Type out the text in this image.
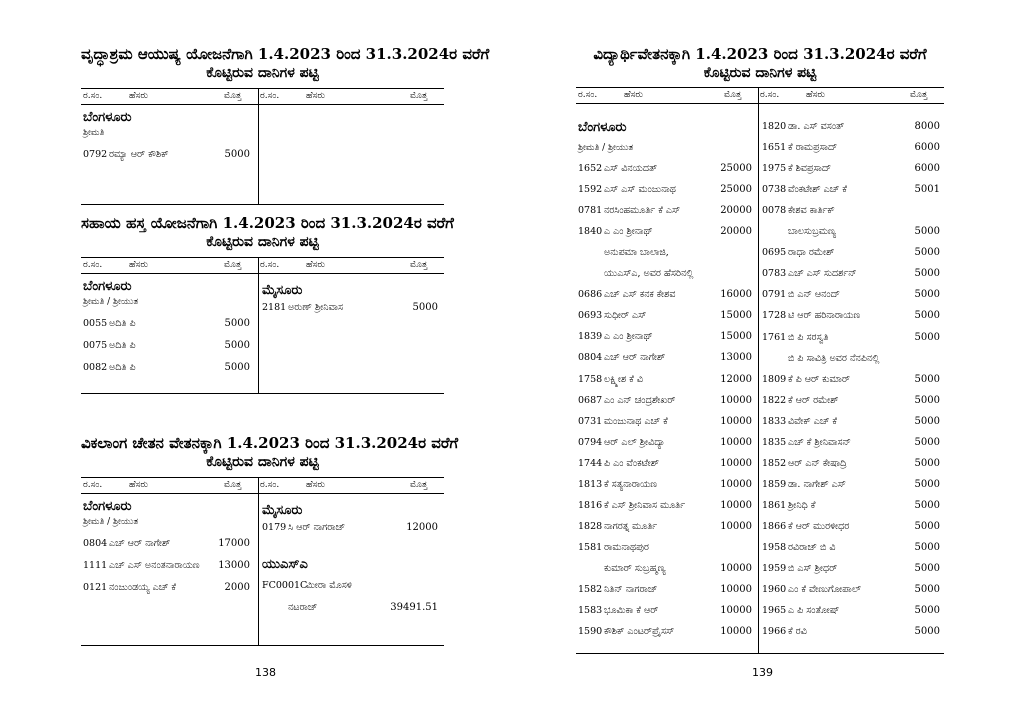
ವೃದ್ಧಾಶ್ರಮ ಆಯುಷ್ಯ ಯೋಜನೆಗಾಗಿ 1.4.2023 ರಿಂದ 31.3.2024ರ ವರೆಗೆ
ಕೊಟ್ಟಿರುವ ದಾನಿಗಳ ಪಟ್ಟಿ
ರ.ಸಂ.	ಹೆಸರು	ಮೊತ್ತ ರ.ಸಂ.	ಹೆಸರು	ಮೊತ್ತ
ಬೆಂಗಳೂರು
ಶ್ರೀಮತಿ
0792 ರಮ್ಯಾ ಆರ್ ಕೌಶಿಕ್	5000
ಸಹಾಯ ಹಸ್ತ ಯೋಜನೆಗಾಗಿ 1.4.2023 ರಿಂದ 31.3.2024ರ ವರೆಗೆ
ಕೊಟ್ಟಿರುವ ದಾನಿಗಳ ಪಟ್ಟಿ
ರ.ಸಂ.	ಹೆಸರು	ಮೊತ್ತ ರ.ಸಂ.	ಹೆಸರು	ಮೊತ್ತ
ಬೆಂಗಳೂರು
ಶ್ರೀಮತಿ / ಶ್ರೀಯುತ
0055 ಅದಿತಿ ಪಿ	5000
0075 ಅದಿತಿ ಪಿ	5000
0082 ಅದಿತಿ ಪಿ	5000
ಮೈಸೂರು
2181 ಅರುಣ್ ಶ್ರೀನಿವಾಸ	5000
ವಿಕಲಾಂಗ ಚೇತನ ವೇತನಕ್ಕಾಗಿ 1.4.2023 ರಿಂದ 31.3.2024ರ ವರೆಗೆ
ಕೊಟ್ಟಿರುವ ದಾನಿಗಳ ಪಟ್ಟಿ
ರ.ಸಂ.	ಹೆಸರು	ಮೊತ್ತ ರ.ಸಂ.	ಹೆಸರು	ಮೊತ್ತ
ಬೆಂಗಳೂರು
ಶ್ರೀಮತಿ / ಶ್ರೀಯುತ
0804 ಎಚ್ ಆರ್ ನಾಗೇಶ್	17000
1111 ಎಚ್ ಎಸ್ ಅನಂತನಾರಾಯಣ	13000
0121 ನಂಜುಂಡಯ್ಯ ಎಚ್ ಕೆ	2000
ಮೈಸೂರು
0179 ಸಿ ಆರ್ ನಾಗರಾಜ್	12000
ಯುಎಸ್‌ಎ
FC0001C
ಮೀರಾ ಮೊಸಳಿ
ನಟರಾಜ್	39491.51
138
ವಿದ್ಯಾರ್ಥಿವೇತನಕ್ಕಾಗಿ 1.4.2023 ರಿಂದ 31.3.2024ರ ವರೆಗೆ
ಕೊಟ್ಟಿರುವ ದಾನಿಗಳ ಪಟ್ಟಿ
ರ.ಸಂ.	ಹೆಸರು	ಮೊತ್ತ ರ.ಸಂ.	ಹೆಸರು	ಮೊತ್ತ
ಬೆಂಗಳೂರು
ಶ್ರೀಮತಿ / ಶ್ರೀಯುತ
1652 ಎಸ್ ವಿನಯದತ್	25000
1592 ಎಸ್ ಎಸ್ ಮಂಜುನಾಥ	25000
0781 ನರಸಿಂಹಮೂರ್ತಿ ಕೆ ಎಸ್	20000
1840 ಎ ಎಂ ಶ್ರೀನಾಥ್	20000
ಅನುಪಮಾ ಬಾಲಾಜಿ,
ಯುಎಸ್‌ಎ, ಅವರ ಹೆಸರಿನಲ್ಲಿ
0686 ಎಚ್ ಎಸ್ ಕನಕ ಕೇಶವ	16000
0693 ಸುಧೀರ್ ಎಸ್	15000
1839 ಎ ಎಂ ಶ್ರೀನಾಥ್	15000
0804 ಎಚ್ ಆರ್ ನಾಗೇಶ್	13000
1758 ಲಕ್ಷ್ಮೀಶ ಕೆ ವಿ	12000
0687 ಎಂ ಎನ್ ಚಂದ್ರಶೇಖರ್	10000
0731 ಮಂಜುನಾಥ ಎಚ್ ಕೆ	10000
0794 ಆರ್ ಎಲ್ ಶ್ರೀವಿದ್ಯಾ	10000
1744 ಪಿ ಎಂ ವೆಂಕಟೇಶ್	10000
1813 ಕೆ ಸತ್ಯನಾರಾಯಣ	10000
1816 ಕೆ ಎಸ್ ಶ್ರೀನಿವಾಸ ಮೂರ್ತಿ	10000
1828 ನಾಗರತ್ನ ಮೂರ್ತಿ	10000
1581 ರಾಮನಾಥಪುರ
ಕುಮಾರ್ ಸುಬ್ರಹ್ಮಣ್ಯ	10000
1582 ನಿತಿನ್ ನಾಗರಾಜ್	10000
1583 ಭೂಮಿಕಾ ಕೆ ಆರ್	10000
1590 ಕೌಶಿಕ್ ಎಂಟರ್‌ಪ್ರೈಸಸ್	10000
1820 ಡಾ. ಎಸ್ ವಸಂತ್	8000
1651 ಕೆ ರಾಮಪ್ರಸಾದ್	6000
1975 ಕೆ ಶಿವಪ್ರಸಾದ್	6000
0738 ವೆಂಕಟೇಶ್ ಎಚ್ ಕೆ	5001
0078 ಕೇಶವ ಕಾರ್ತಿಕ್
ಬಾಲಸುಬ್ರಮಣ್ಯ	5000
0695 ರಾಧಾ ರಮೇಶ್	5000
0783 ಎಚ್ ಎಸ್ ಸುದರ್ಶನ್	5000
0791 ಬಿ ಎನ್ ಆನಂದ್	5000
1728 ಟಿ ಆರ್ ಹರಿನಾರಾಯಣ	5000
1761 ಬಿ ಪಿ ಸರಸ್ವತಿ	5000
ಬಿ ಪಿ ಸಾವಿತ್ರಿ ಅವರ ನೆನಪಿನಲ್ಲಿ
1809 ಕೆ ಪಿ ಆರ್ ಕುಮಾರ್	5000
1822 ಕೆ ಆರ್ ರಮೇಶ್	5000
1833 ವಿವೇಕ್ ಎಚ್ ಕೆ	5000
1835 ಎಚ್ ಕೆ ಶ್ರೀನಿವಾಸನ್	5000
1852 ಆರ್ ಎನ್ ಕೇಷಾದ್ರಿ	5000
1859 ಡಾ. ನಾಗೇಶ್ ಎಸ್	5000
1861 ಶ್ರೀನಿಧಿ ಕೆ	5000
1866 ಕೆ ಆರ್ ಮುರಳೀಧರ	5000
1958 ರವಿರಾಜ್ ಬಿ ವಿ	5000
1959 ಬಿ ಎಸ್ ಶ್ರೀಧರ್	5000
1960 ಎಂ ಕೆ ವೇಣುಗೋಪಾಲ್	5000
1965 ಎ ಪಿ ಸಂತೋಷ್	5000
1966 ಕೆ ರವಿ	5000
139
